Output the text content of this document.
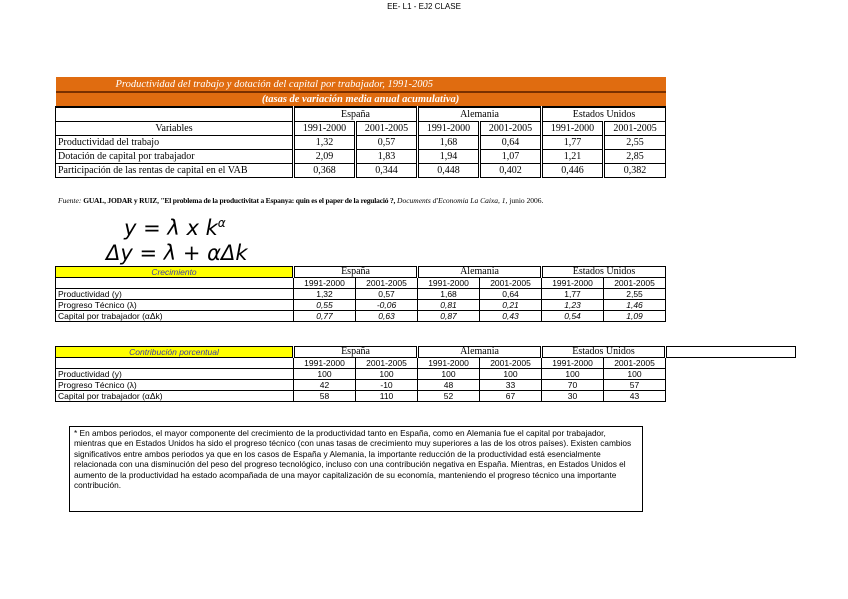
EE- L1 - EJ2 CLASE
Productividad del trabajo y dotación del capital por trabajador, 1991-2005						
(tasas de variación media anual acumulativa)						
	España		Alemania		Estados Unidos	
Variables	1991-2000	2001-2005	1991-2000	2001-2005	1991-2000	2001-2005
Productividad del trabajo	1,32	0,57	1,68	0,64	1,77	2,55
Dotación de capital por trabajador	2,09	1,83	1,94	1,07	1,21	2,85
Participación de las rentas de capital en el VAB	0,368	0,344	0,448	0,402	0,446	0,382
Fuente: GUAL, JODAR y RUIZ, "El problema de la productivitat a Espanya: quin es el paper de la regulació ?, Documents d'Economia La Caixa, 1, junio 2006.
y = λ x $k^\alpha$
Δy = λ + αΔk
Crecimiento	España		Alemania		Estados Unidos		
	1991-2000	2001-2005	1991-2000	2001-2005	1991-2000	2001-2005	
Productividad (y)	1,32	0,57	1,68	0,64	1,77	2,55	
Progreso Técnico (λ)	0,55	-0,06	0,81	0,21	1,23	1,46	
Capital por trabajador (αΔk)	0,77	0,63	0,87	0,43	0,54	1,09	
Contribución porcentual	España		Alemania		Estados Unidos		
	1991-2000	2001-2005	1991-2000	2001-2005	1991-2000	2001-2005	
Productividad (y)	100	100	100	100	100	100	
Progreso Técnico (λ)	42	-10	48	33	70	57	
Capital por trabajador (αΔk)	58	110	52	67	30	43	
* En ambos periodos, el mayor componente del crecimiento de la productividad tanto en España, como en Alemania fue el capital por trabajador, mientras que en Estados Unidos ha sido el progreso técnico (con unas tasas de crecimiento muy superiores a las de los otros países). Existen cambios significativos entre ambos periodos ya que en los casos de España y Alemania, la importante reducción de la productividad está esencialmente relacionada con una disminución del peso del progreso tecnológico, incluso con una contribución negativa en España. Mientras, en Estados Unidos el aumento de la productividad ha estado acompañada de una mayor capitalización de su economía, manteniendo el progreso técnico una importante contribución.
